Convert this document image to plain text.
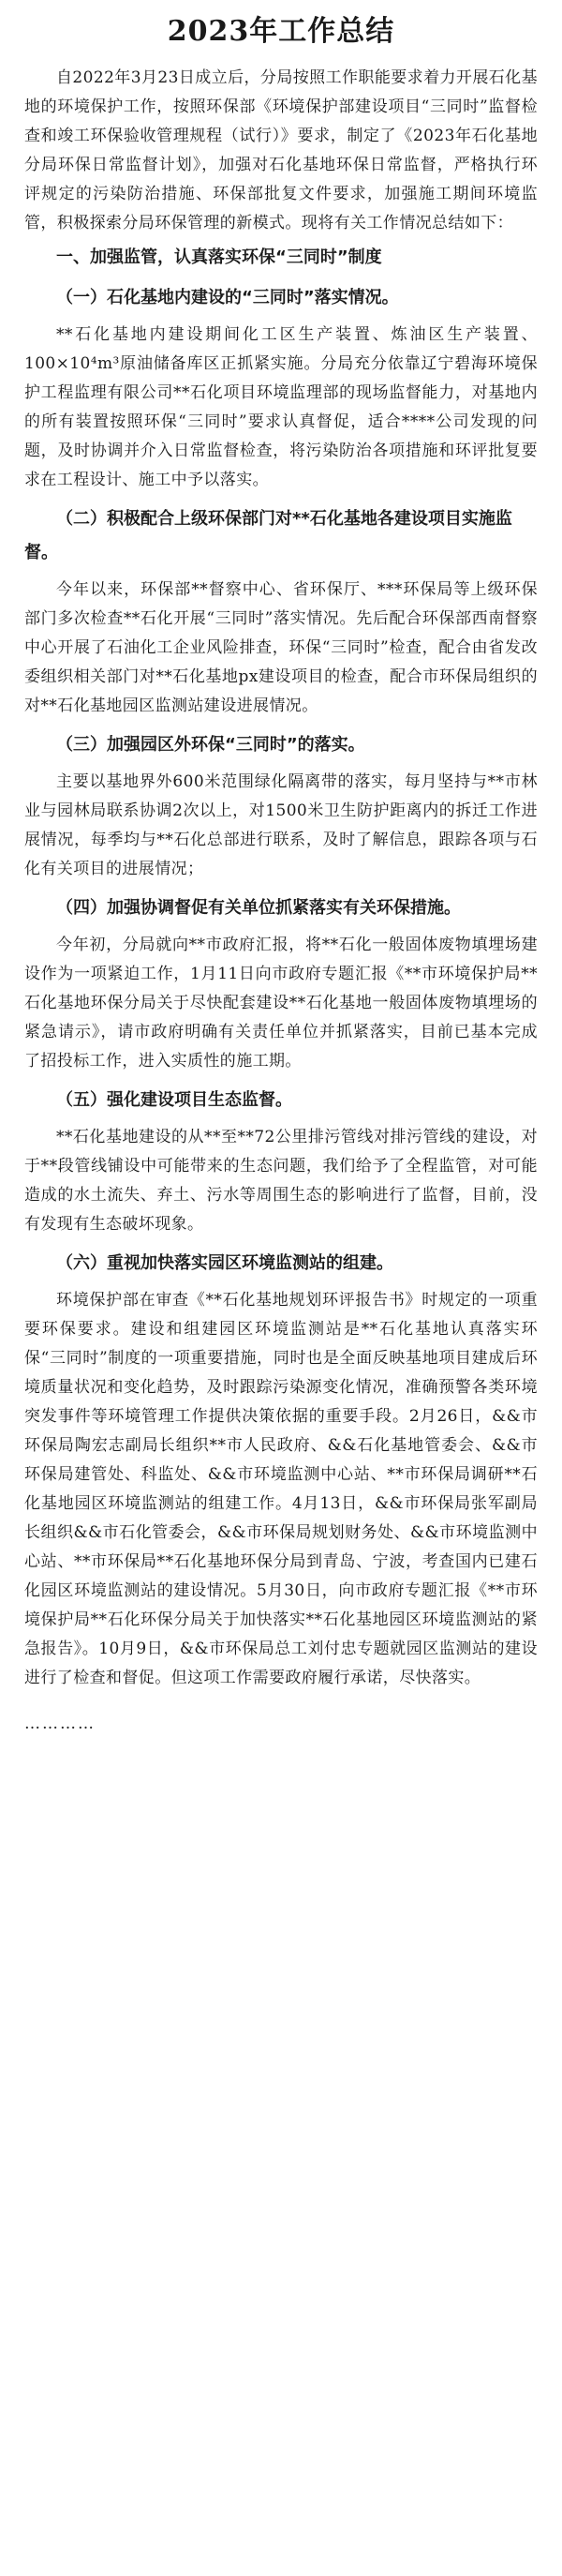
2023年工作总结

自2022年3月23日成立后，分局按照工作职能要求着力开展石化基地的环境保护工作，按照环保部《环境保护部建设项目“三同时”监督检查和竣工环保验收管理规程（试行）》要求，制定了《2023年石化基地分局环保日常监督计划》，加强对石化基地环保日常监督，严格执行环评规定的污染防治措施、环保部批复文件要求，加强施工期间环境监管，积极探索分局环保管理的新模式。现将有关工作情况总结如下：

一、加强监管，认真落实环保“三同时”制度
（一）石化基地内建设的“三同时”落实情况。

**石化基地内建设期间化工区生产装置、炼油区生产装置、100×10⁴m³原油储备库区正抓紧实施。分局充分依靠辽宁碧海环境保护工程监理有限公司**石化项目环境监理部的现场监督能力，对基地内的所有装置按照环保“三同时”要求认真督促，适合****公司发现的问题，及时协调并介入日常监督检查，将污染防治各项措施和环评批复要求在工程设计、施工中予以落实。

（二）积极配合上级环保部门对**石化基地各建设项目实施监督。

今年以来，环保部**督察中心、省环保厅、***环保局等上级环保部门多次检查**石化开展“三同时”落实情况。先后配合环保部西南督察中心开展了石油化工企业风险排查，环保“三同时”检查，配合由省发改委组织相关部门对**石化基地px建设项目的检查，配合市环保局组织的对**石化基地园区监测站建设进展情况。

（三）加强园区外环保“三同时”的落实。

主要以基地界外600米范围绿化隔离带的落实，每月坚持与**市林业与园林局联系协调2次以上，对1500米卫生防护距离内的拆迁工作进展情况，每季均与**石化总部进行联系，及时了解信息，跟踪各项与石化有关项目的进展情况；

（四）加强协调督促有关单位抓紧落实有关环保措施。

今年初，分局就向**市政府汇报，将**石化一般固体废物填埋场建设作为一项紧迫工作，1月11日向市政府专题汇报《**市环境保护局**石化基地环保分局关于尽快配套建设**石化基地一般固体废物填埋场的紧急请示》，请市政府明确有关责任单位并抓紧落实，目前已基本完成了招投标工作，进入实质性的施工期。

（五）强化建设项目生态监督。

**石化基地建设的从**至**72公里排污管线对排污管线的建设，对于**段管线铺设中可能带来的生态问题，我们给予了全程监管，对可能造成的水土流失、弃土、污水等周围生态的影响进行了监督，目前，没有发现有生态破坏现象。

（六）重视加快落实园区环境监测站的组建。

环境保护部在审查《**石化基地规划环评报告书》时规定的一项重要环保要求。建设和组建园区环境监测站是**石化基地认真落实环保“三同时”制度的一项重要措施，同时也是全面反映基地项目建成后环境质量状况和变化趋势，及时跟踪污染源变化情况，准确预警各类环境突发事件等环境管理工作提供决策依据的重要手段。2月26日，&&市环保局陶宏志副局长组织**市人民政府、&&石化基地管委会、&&市环保局建管处、科监处、&&市环境监测中心站、**市环保局调研**石化基地园区环境监测站的组建工作。4月13日，&&市环保局张军副局长组织&&市石化管委会，&&市环保局规划财务处、&&市环境监测中心站、**市环保局**石化基地环保分局到青岛、宁波，考查国内已建石化园区环境监测站的建设情况。5月30日，向市政府专题汇报《**市环境保护局**石化环保分局关于加快落实**石化基地园区环境监测站的紧急报告》。10月9日，&&市环保局总工刘付忠专题就园区监测站的建设进行了检查和督促。但这项工作需要政府履行承诺，尽快落实。

…………
